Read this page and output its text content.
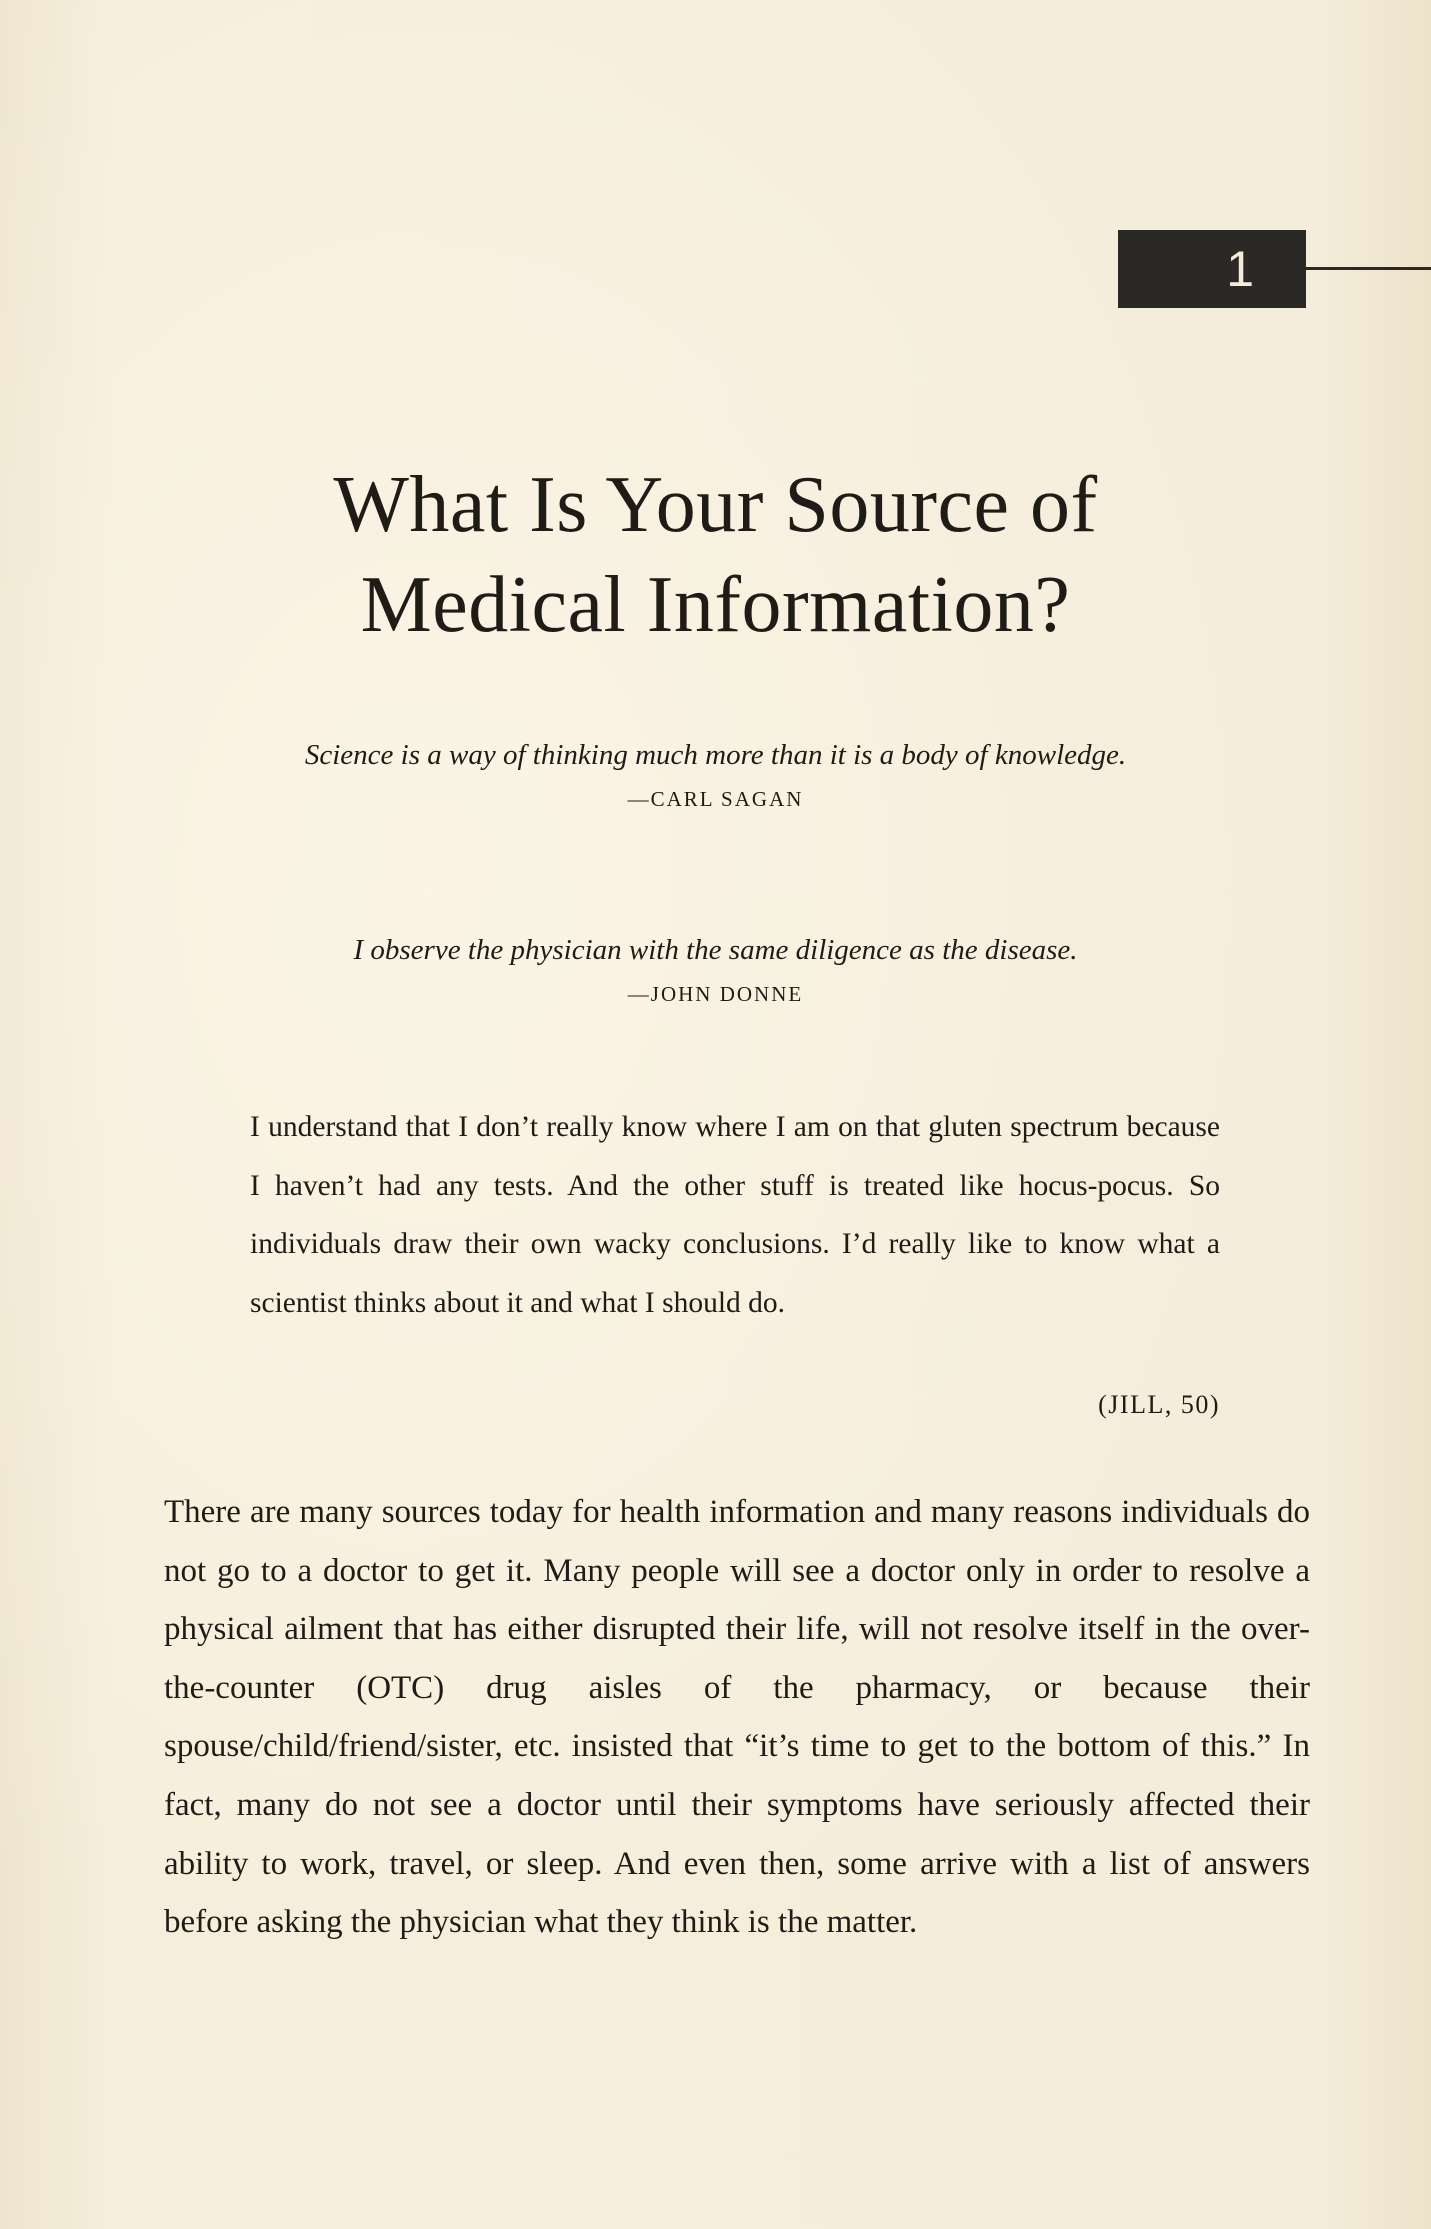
1
What Is Your Source of
Medical Information?
Science is a way of thinking much more than it is a body of knowledge.
—CARL SAGAN
I observe the physician with the same diligence as the disease.
—JOHN DONNE

I understand that I don’t really know where I am on that gluten spectrum because I haven’t had any tests. And the other stuff is treated like hocus-pocus. So individuals draw their own wacky conclusions. I’d really like to know what a scientist thinks about it and what I should do.

(JILL, 50)

There are many sources today for health information and many reasons individuals do not go to a doctor to get it. Many people will see a doctor only in order to resolve a physical ailment that has either disrupted their life, will not resolve itself in the over-the-counter (OTC) drug aisles of the pharmacy, or because their spouse/child/friend/sister, etc. insisted that “it’s time to get to the bottom of this.” In fact, many do not see a doctor until their symptoms have seriously affected their ability to work, travel, or sleep. And even then, some arrive with a list of answers before asking the physician what they think is the matter.
